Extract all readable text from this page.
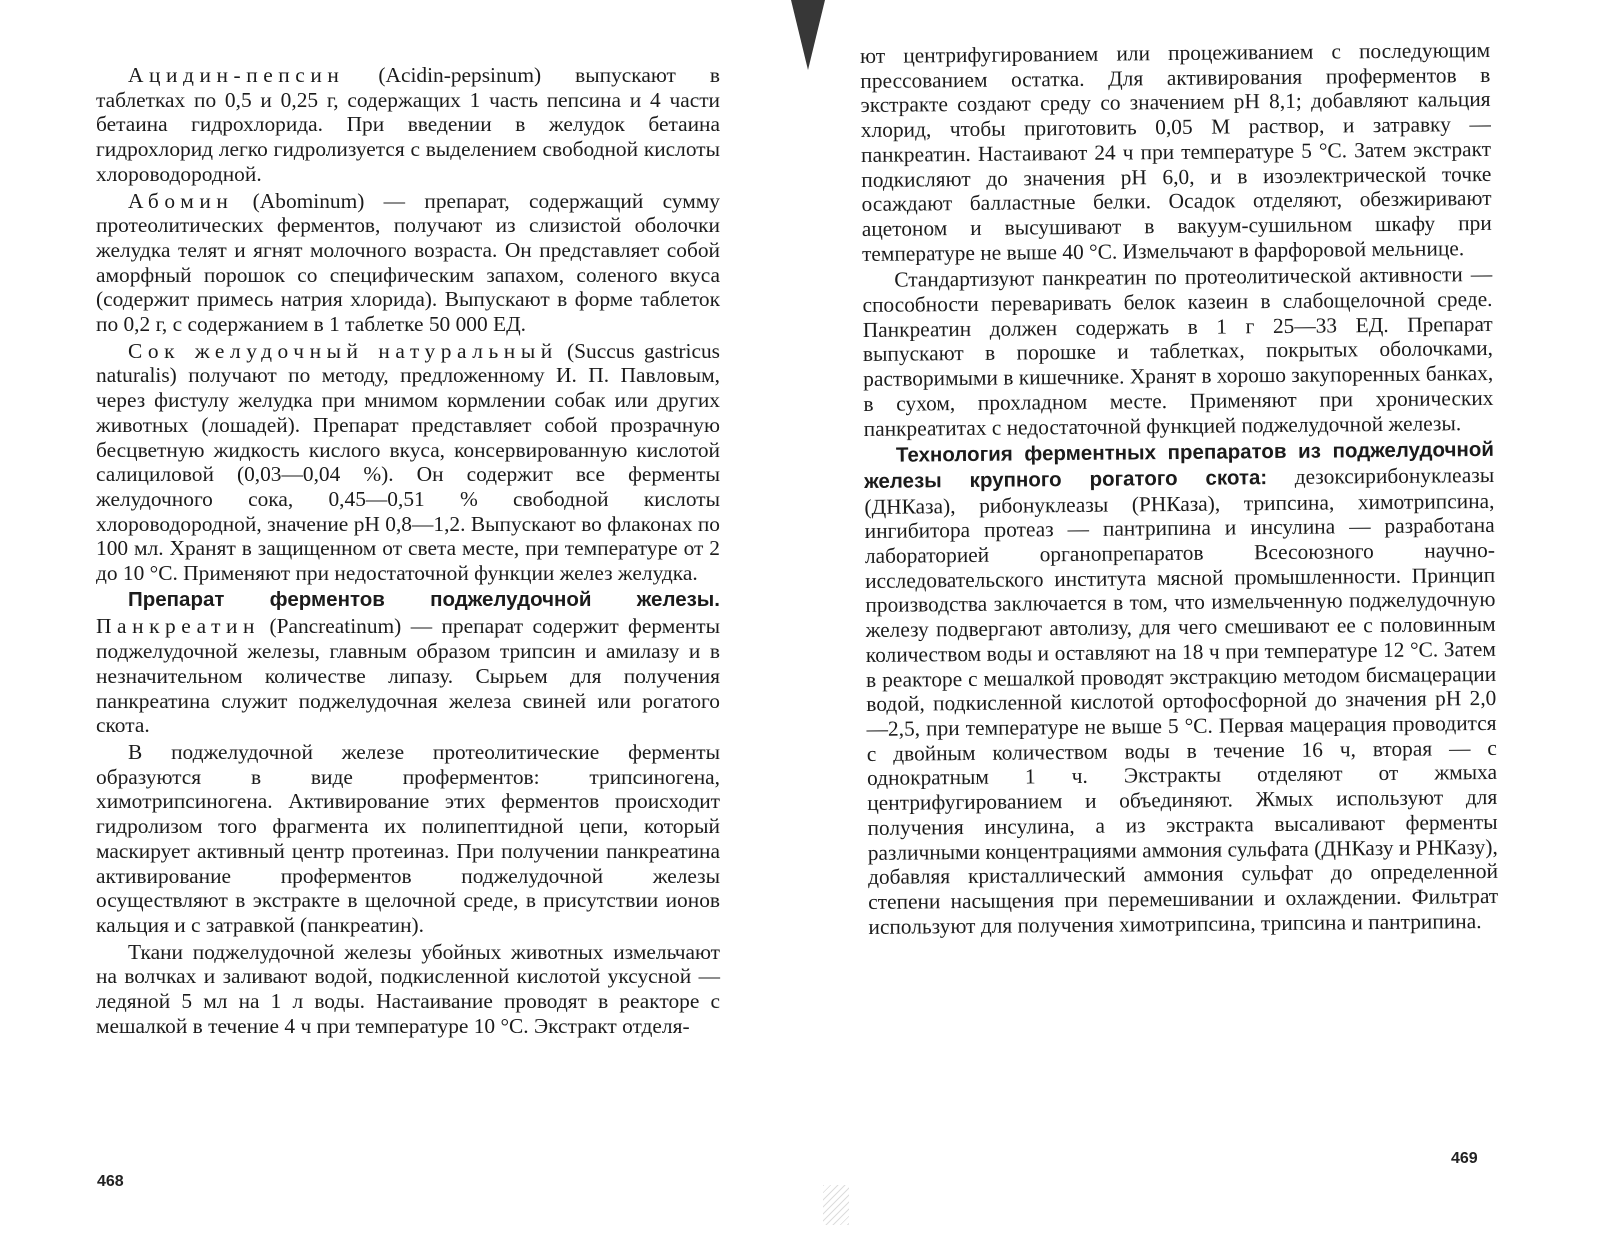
Ацидин-пепсин (Acidin-pepsinum) выпускают в таблетках по 0,5 и 0,25 г, содержащих 1 часть пепсина и 4 части бетаина гидрохлорида. При введении в желудок бетаина гидрохлорид легко гидролизуется с выделением свободной кислоты хлороводородной.

Абомин (Abominum) — препарат, содержащий сумму протеолитических ферментов, получают из слизистой оболочки желудка телят и ягнят молочного возраста. Он представляет собой аморфный порошок со специфическим запахом, соленого вкуса (содержит примесь натрия хлорида). Выпускают в форме таблеток по 0,2 г, с содержанием в 1 таблетке 50 000 ЕД.

Сок желудочный натуральный (Succus gastricus naturalis) получают по методу, предложенному И. П. Павловым, через фистулу желудка при мнимом кормлении собак или других животных (лошадей). Препарат представляет собой прозрачную бесцветную жидкость кислого вкуса, консервированную кислотой салициловой (0,03—0,04 %). Он содержит все ферменты желудочного сока, 0,45—0,51 % свободной кислоты хлороводородной, значение pH 0,8—1,2. Выпускают во флаконах по 100 мл. Хранят в защищенном от света месте, при температуре от 2 до 10 °С. Применяют при недостаточной функции желез желудка.

Препарат ферментов поджелудочной железы.

Панкреатин (Pancreatinum) — препарат содержит ферменты поджелудочной железы, главным образом трипсин и амилазу и в незначительном количестве липазу. Сырьем для получения панкреатина служит поджелудочная железа свиней или рогатого скота.

В поджелудочной железе протеолитические ферменты образуются в виде проферментов: трипсиногена, химотрипсиногена. Активирование этих ферментов происходит гидролизом того фрагмента их полипептидной цепи, который маскирует активный центр протеиназ. При получении панкреатина активирование проферментов поджелудочной железы осуществляют в экстракте в щелочной среде, в присутствии ионов кальция и с затравкой (панкреатин).

Ткани поджелудочной железы убойных животных измельчают на волчках и заливают водой, подкисленной кислотой уксусной — ледяной 5 мл на 1 л воды. Настаивание проводят в реакторе с мешалкой в течение 4 ч при температуре 10 °С. Экстракт отделя-

468

ют центрифугированием или процеживанием с последующим прессованием остатка. Для активирования проферментов в экстракте создают среду со значением pH 8,1; добавляют кальция хлорид, чтобы приготовить 0,05 М раствор, и затравку — панкреатин. Настаивают 24 ч при температуре 5 °С. Затем экстракт подкисляют до значения pH 6,0, и в изоэлектрической точке осаждают балластные белки. Осадок отделяют, обезжиривают ацетоном и высушивают в вакуум-сушильном шкафу при температуре не выше 40 °С. Измельчают в фарфоровой мельнице.

Стандартизуют панкреатин по протеолитической активности — способности переваривать белок казеин в слабощелочной среде. Панкреатин должен содержать в 1 г 25—33 ЕД. Препарат выпускают в порошке и таблетках, покрытых оболочками, растворимыми в кишечнике. Хранят в хорошо закупоренных банках, в сухом, прохладном месте. Применяют при хронических панкреатитах с недостаточной функцией поджелудочной железы.

Технология ферментных препаратов из поджелудочной железы крупного рогатого скота: дезоксирибонуклеазы (ДНКаза), рибонуклеазы (РНКаза), трипсина, химотрипсина, ингибитора протеаз — пантрипина и инсулина — разработана лабораторией органопрепаратов Всесоюзного научно-исследовательского института мясной промышленности. Принцип производства заключается в том, что измельченную поджелудочную железу подвергают автолизу, для чего смешивают ее с половинным количеством воды и оставляют на 18 ч при температуре 12 °С. Затем в реакторе с мешалкой проводят экстракцию методом бисмацерации водой, подкисленной кислотой ортофосфорной до значения pH 2,0—2,5, при температуре не выше 5 °С. Первая мацерация проводится с двойным количеством воды в течение 16 ч, вторая — с однократным 1 ч. Экстракты отделяют от жмыха центрифугированием и объединяют. Жмых используют для получения инсулина, а из экстракта высаливают ферменты различными концентрациями аммония сульфата (ДНКазу и РНКазу), добавляя кристаллический аммония сульфат до определенной степени насыщения при перемешивании и охлаждении. Фильтрат используют для получения химотрипсина, трипсина и пантрипина.

469
